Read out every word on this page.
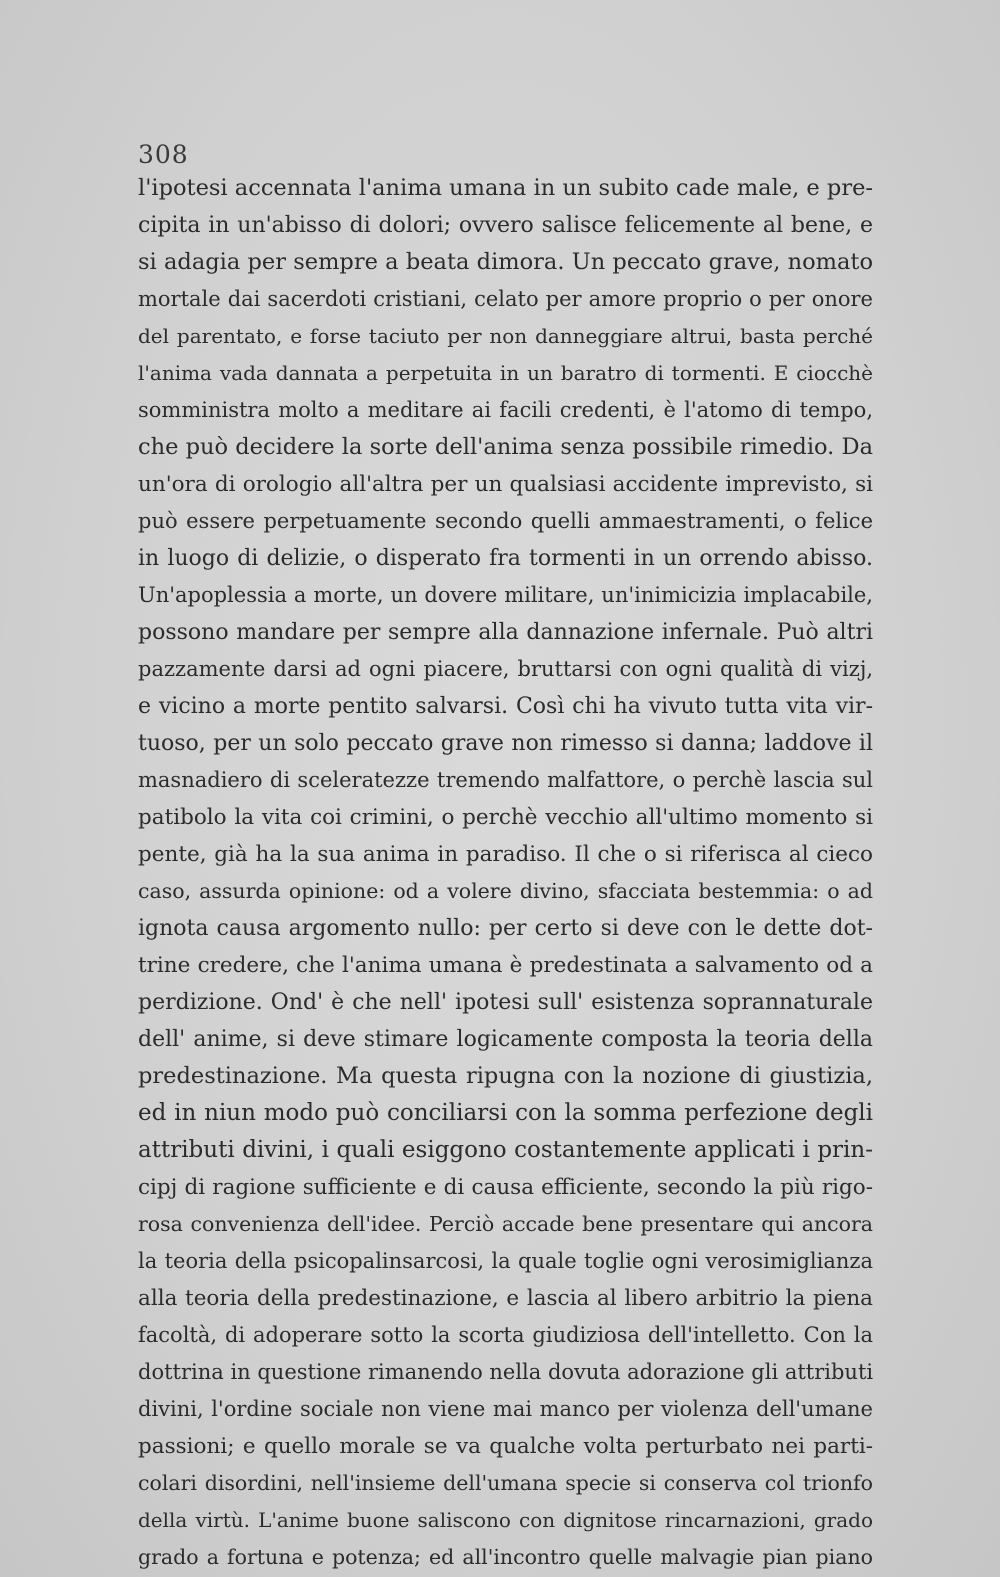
308
l'ipotesi accennata l'anima umana in un subito cade male, e pre-
cipita in un'abisso di dolori; ovvero salisce felicemente al bene, e
si adagia per sempre a beata dimora. Un peccato grave, nomato
mortale dai sacerdoti cristiani, celato per amore proprio o per onore
del parentato, e forse taciuto per non danneggiare altrui, basta perché
l'anima vada dannata a perpetuita in un baratro di tormenti. E ciocchè
somministra molto a meditare ai facili credenti, è l'atomo di tempo,
che può decidere la sorte dell'anima senza possibile rimedio. Da
un'ora di orologio all'altra per un qualsiasi accidente imprevisto, si
può essere perpetuamente secondo quelli ammaestramenti, o felice
in luogo di delizie, o disperato fra tormenti in un orrendo abisso.
Un'apoplessia a morte, un dovere militare, un'inimicizia implacabile,
possono mandare per sempre alla dannazione infernale. Può altri
pazzamente darsi ad ogni piacere, bruttarsi con ogni qualità di vizj,
e vicino a morte pentito salvarsi. Così chi ha vivuto tutta vita vir-
tuoso, per un solo peccato grave non rimesso si danna; laddove il
masnadiero di sceleratezze tremendo malfattore, o perchè lascia sul
patibolo la vita coi crimini, o perchè vecchio all'ultimo momento si
pente, già ha la sua anima in paradiso. Il che o si riferisca al cieco
caso, assurda opinione: od a volere divino, sfacciata bestemmia: o ad
ignota causa argomento nullo: per certo si deve con le dette dot-
trine credere, che l'anima umana è predestinata a salvamento od a
perdizione. Ond' è che nell' ipotesi sull' esistenza soprannaturale
dell' anime, si deve stimare logicamente composta la teoria della
predestinazione. Ma questa ripugna con la nozione di giustizia,
ed in niun modo può conciliarsi con la somma perfezione degli
attributi divini, i quali esiggono costantemente applicati i prin-
cipj di ragione sufficiente e di causa efficiente, secondo la più rigo-
rosa convenienza dell'idee. Perciò accade bene presentare qui ancora
la teoria della psicopalinsarcosi, la quale toglie ogni verosimiglianza
alla teoria della predestinazione, e lascia al libero arbitrio la piena
facoltà, di adoperare sotto la scorta giudiziosa dell'intelletto. Con la
dottrina in questione rimanendo nella dovuta adorazione gli attributi
divini, l'ordine sociale non viene mai manco per violenza dell'umane
passioni; e quello morale se va qualche volta perturbato nei parti-
colari disordini, nell'insieme dell'umana specie si conserva col trionfo
della virtù. L'anime buone saliscono con dignitose rincarnazioni, grado
grado a fortuna e potenza; ed all'incontro quelle malvagie pian piano
